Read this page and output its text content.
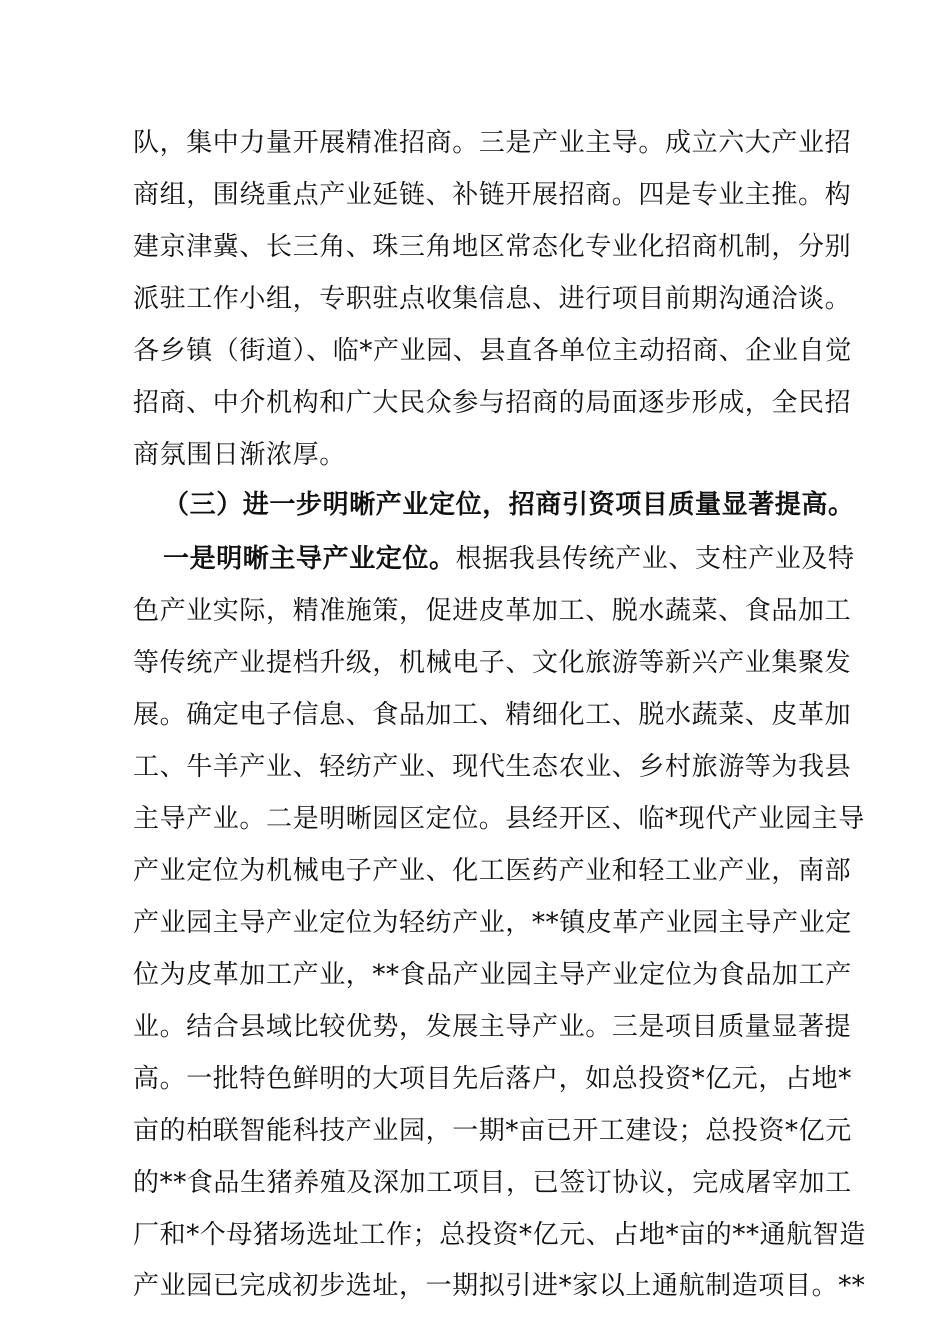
队，集中力量开展精准招商。三是产业主导。成立六大产业招
商组，围绕重点产业延链、补链开展招商。四是专业主推。构
建京津冀、长三角、珠三角地区常态化专业化招商机制，分别
派驻工作小组，专职驻点收集信息、进行项目前期沟通洽谈。
各乡镇（街道）、临*产业园、县直各单位主动招商、企业自觉
招商、中介机构和广大民众参与招商的局面逐步形成，全民招
商氛围日渐浓厚。
（三）进一步明晰产业定位，招商引资项目质量显著提高。
一是明晰主导产业定位。根据我县传统产业、支柱产业及特
色产业实际，精准施策，促进皮革加工、脱水蔬菜、食品加工
等传统产业提档升级，机械电子、文化旅游等新兴产业集聚发
展。确定电子信息、食品加工、精细化工、脱水蔬菜、皮革加
工、牛羊产业、轻纺产业、现代生态农业、乡村旅游等为我县
主导产业。二是明晰园区定位。县经开区、临*现代产业园主导
产业定位为机械电子产业、化工医药产业和轻工业产业，南部
产业园主导产业定位为轻纺产业，**镇皮革产业园主导产业定
位为皮革加工产业，**食品产业园主导产业定位为食品加工产
业。结合县域比较优势，发展主导产业。三是项目质量显著提
高。一批特色鲜明的大项目先后落户，如总投资*亿元，占地*
亩的柏联智能科技产业园，一期*亩已开工建设；总投资*亿元
的**食品生猪养殖及深加工项目，已签订协议，完成屠宰加工
厂和*个母猪场选址工作；总投资*亿元、占地*亩的**通航智造
产业园已完成初步选址，一期拟引进*家以上通航制造项目。**
